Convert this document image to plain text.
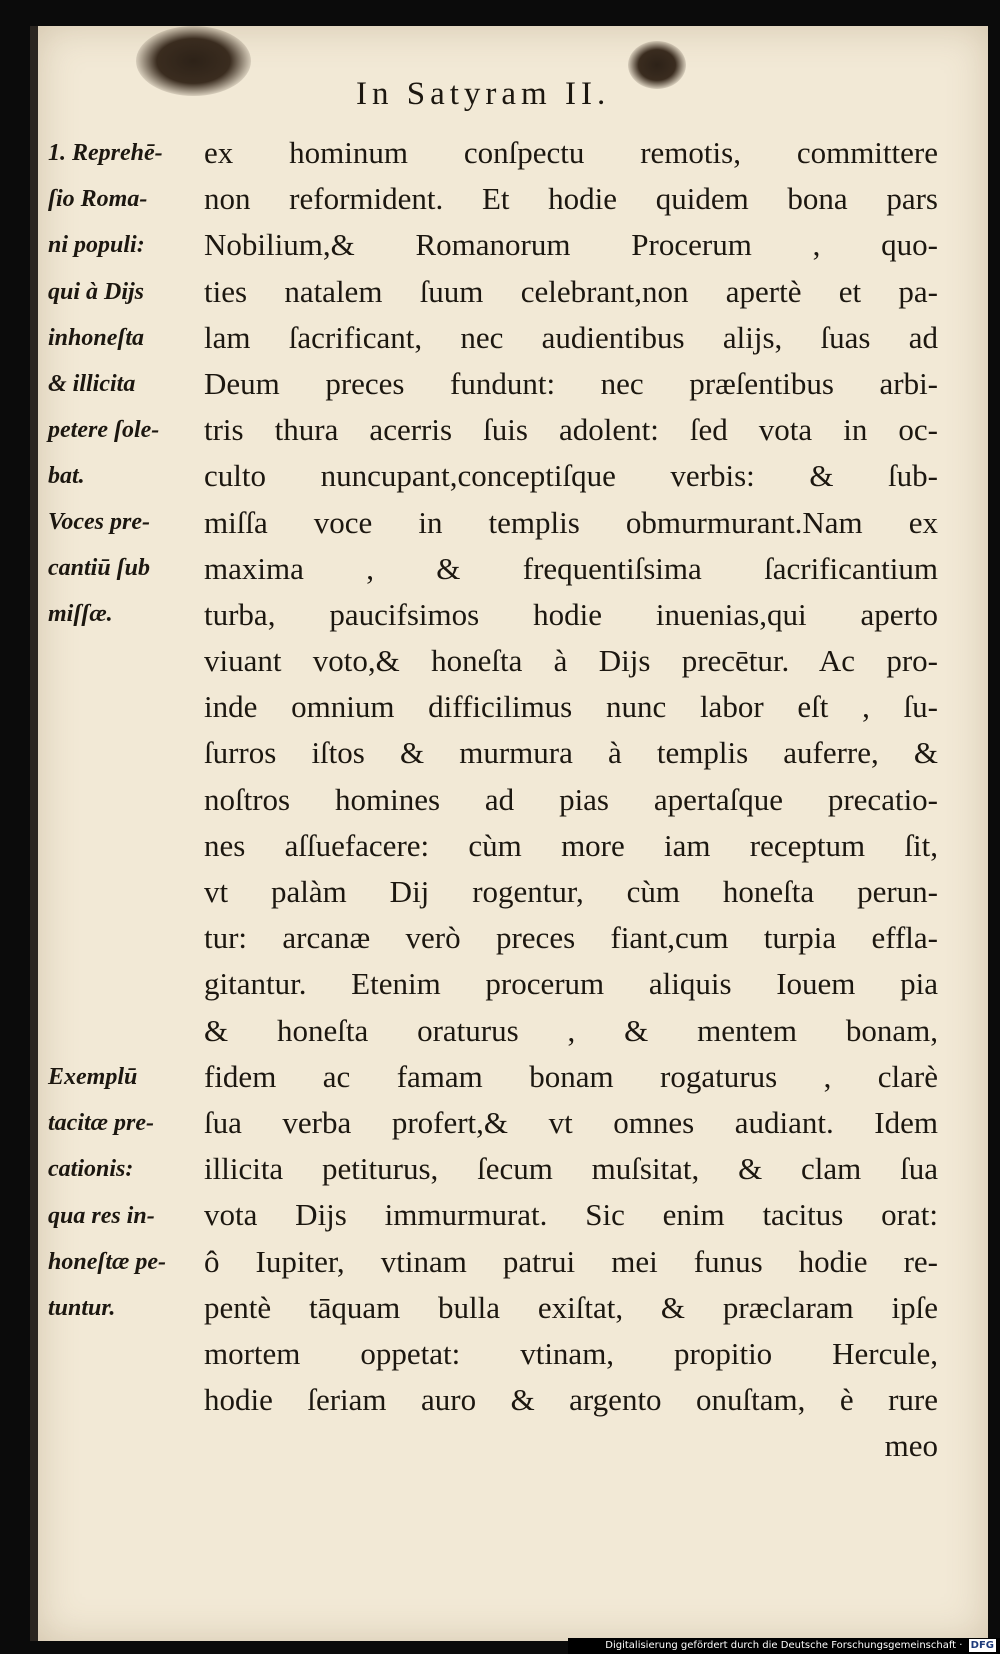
In Satyram II.
1. Reprehē-
ſio Roma-
ni populi:
qui à Dijs
inhoneſta
& illicita
petere ſole-
bat.
Voces pre-
cantiū ſub
miſſæ.
Exemplū
tacitæ pre-
cationis:
qua res in-
honeſtæ pe-
tuntur.
ex hominum conſpectu remotis, committere
non reformident. Et hodie quidem bona pars
Nobilium,& Romanorum Procerum , quo-
ties natalem ſuum celebrant,non apertè et pa-
lam ſacrificant, nec audientibus alijs, ſuas ad
Deum preces fundunt: nec præſentibus arbi-
tris thura acerris ſuis adolent: ſed vota in oc-
culto nuncupant,conceptiſque verbis: & ſub-
miſſa voce in templis obmurmurant.Nam ex
maxima , & frequentiſsima ſacrificantium
turba, paucifsimos hodie inuenias,qui aperto
viuant voto,& honeſta à Dijs precētur. Ac pro-
inde omnium difficilimus nunc labor eſt , ſu-
ſurros iſtos & murmura à templis auferre, &
noſtros homines ad pias apertaſque precatio-
nes aſſuefacere: cùm more iam receptum ſit,
vt palàm Dij rogentur, cùm honeſta perun-
tur: arcanæ verò preces fiant,cum turpia effla-
gitantur. Etenim procerum aliquis Iouem pia
& honeſta oraturus , & mentem bonam,
fidem ac famam bonam rogaturus , clarè
ſua verba profert,& vt omnes audiant. Idem
illicita petiturus, ſecum muſsitat, & clam ſua
vota Dijs immurmurat. Sic enim tacitus orat:
ô Iupiter, vtinam patrui mei funus hodie re-
pentè tāquam bulla exiſtat, & præclaram ipſe
mortem oppetat: vtinam, propitio Hercule,
hodie ſeriam auro & argento onuſtam, è rure
meo
Digitalisierung gefördert durch die Deutsche Forschungsgemeinschaft · DFG
